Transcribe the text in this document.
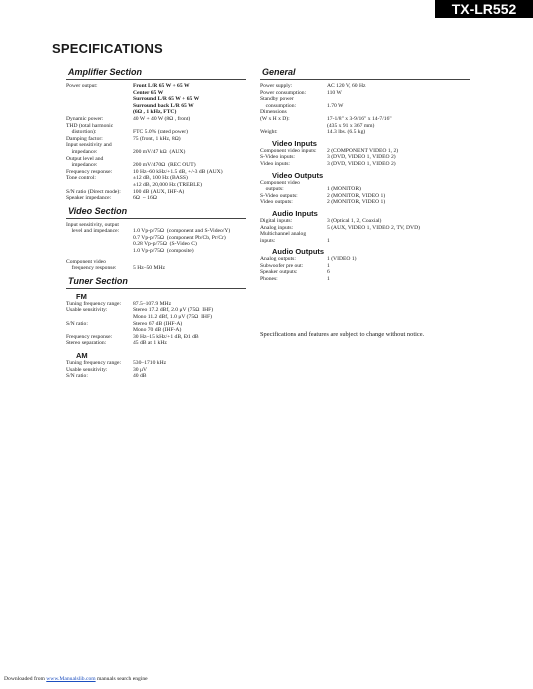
TX-LR552
SPECIFICATIONS
Amplifier Section
Power output:	Front L/R 65 W + 65 W
Center 65 W
Surround L/R 65 W + 65 W
Surround back L/R 65 W
(6Ω , 1 kHz, FTC)
Dynamic power:	40 W + 40 W (8Ω , front)
THD (total harmonic
distortion):	FTC 5.0% (rated power)
Damping factor:	75 (front, 1 kHz, 8Ω)
Input sensitivity and
impedance:	200 mV/47 kΩ  (AUX)
Output level and
impedance:	200 mV/470Ω  (REC OUT)
Frequency response:	10 Hz–60 kHz/+1.5 dB, +/-3 dB (AUX)
Tone control:	±12 dB, 100 Hz (BASS)
±12 dB, 20,000 Hz (TREBLE)
S/N ratio (Direct mode):	100 dB (AUX, IHF-A)
Speaker impedance:	6Ω  ~ 16Ω
Video Section
Input sensitivity, output
level and impedance:	1.0 Vp-p/75Ω  (component and S-Video/Y)
0.7 Vp-p/75Ω  (component Pb/Cb, Pr/Cr)
0.28 Vp-p/75Ω  (S-Video C)
1.0 Vp-p/75Ω  (composite)
Component video
frequency response:	5 Hz–50 MHz
Tuner Section
FM
Tuning frequency range:	87.5–107.9 MHz
Usable sensitivity:	Stereo 17.2 dBf, 2.0 μV (75Ω  IHF)
Mono 11.2 dBf, 1.0 μV (75Ω  IHF)
S/N ratio:	Stereo 67 dB (IHF-A)
Mono 70 dB (IHF-A)
Frequency response:	30 Hz–15 kHz/+1 dB, Ð1 dB
Stereo separation:	45 dB at 1 kHz
AM
Tuning frequency range:	530–1710 kHz
Usable sensitivity:	30 μV
S/N ratio:	40 dB
General
Power supply:	AC 120 V, 60 Hz
Power consumption:	110 W
Standby power
consumption:	1.70 W
Dimensions
(W x H x D):	17-1/8" x 3-9/16" x 14-7/16"
(435 x 91 x 367 mm)
Weight:	14.3 lbs. (6.5 kg)
Video Inputs
Component video inputs:	2 (COMPONENT VIDEO 1, 2)
S-Video inputs:	3 (DVD, VIDEO 1, VIDEO 2)
Video inputs:	3 (DVD, VIDEO 1, VIDEO 2)
Video Outputs
Component video
outputs:	1 (MONITOR)
S-Video outputs:	2 (MONITOR, VIDEO 1)
Video outputs:	2 (MONITOR, VIDEO 1)
Audio Inputs
Digital inputs:	3 (Optical 1, 2, Coaxial)
Analog inputs:	5 (AUX, VIDEO 1, VIDEO 2, TV, DVD)
Multichannel analog
inputs:	1
Audio Outputs
Analog outputs:	1 (VIDEO 1)
Subwoofer pre out:	1
Speaker outputs:	6
Phones:	1
Specifications and features are subject to change without notice.
Downloaded from www.Manualslib.com manuals search engine
